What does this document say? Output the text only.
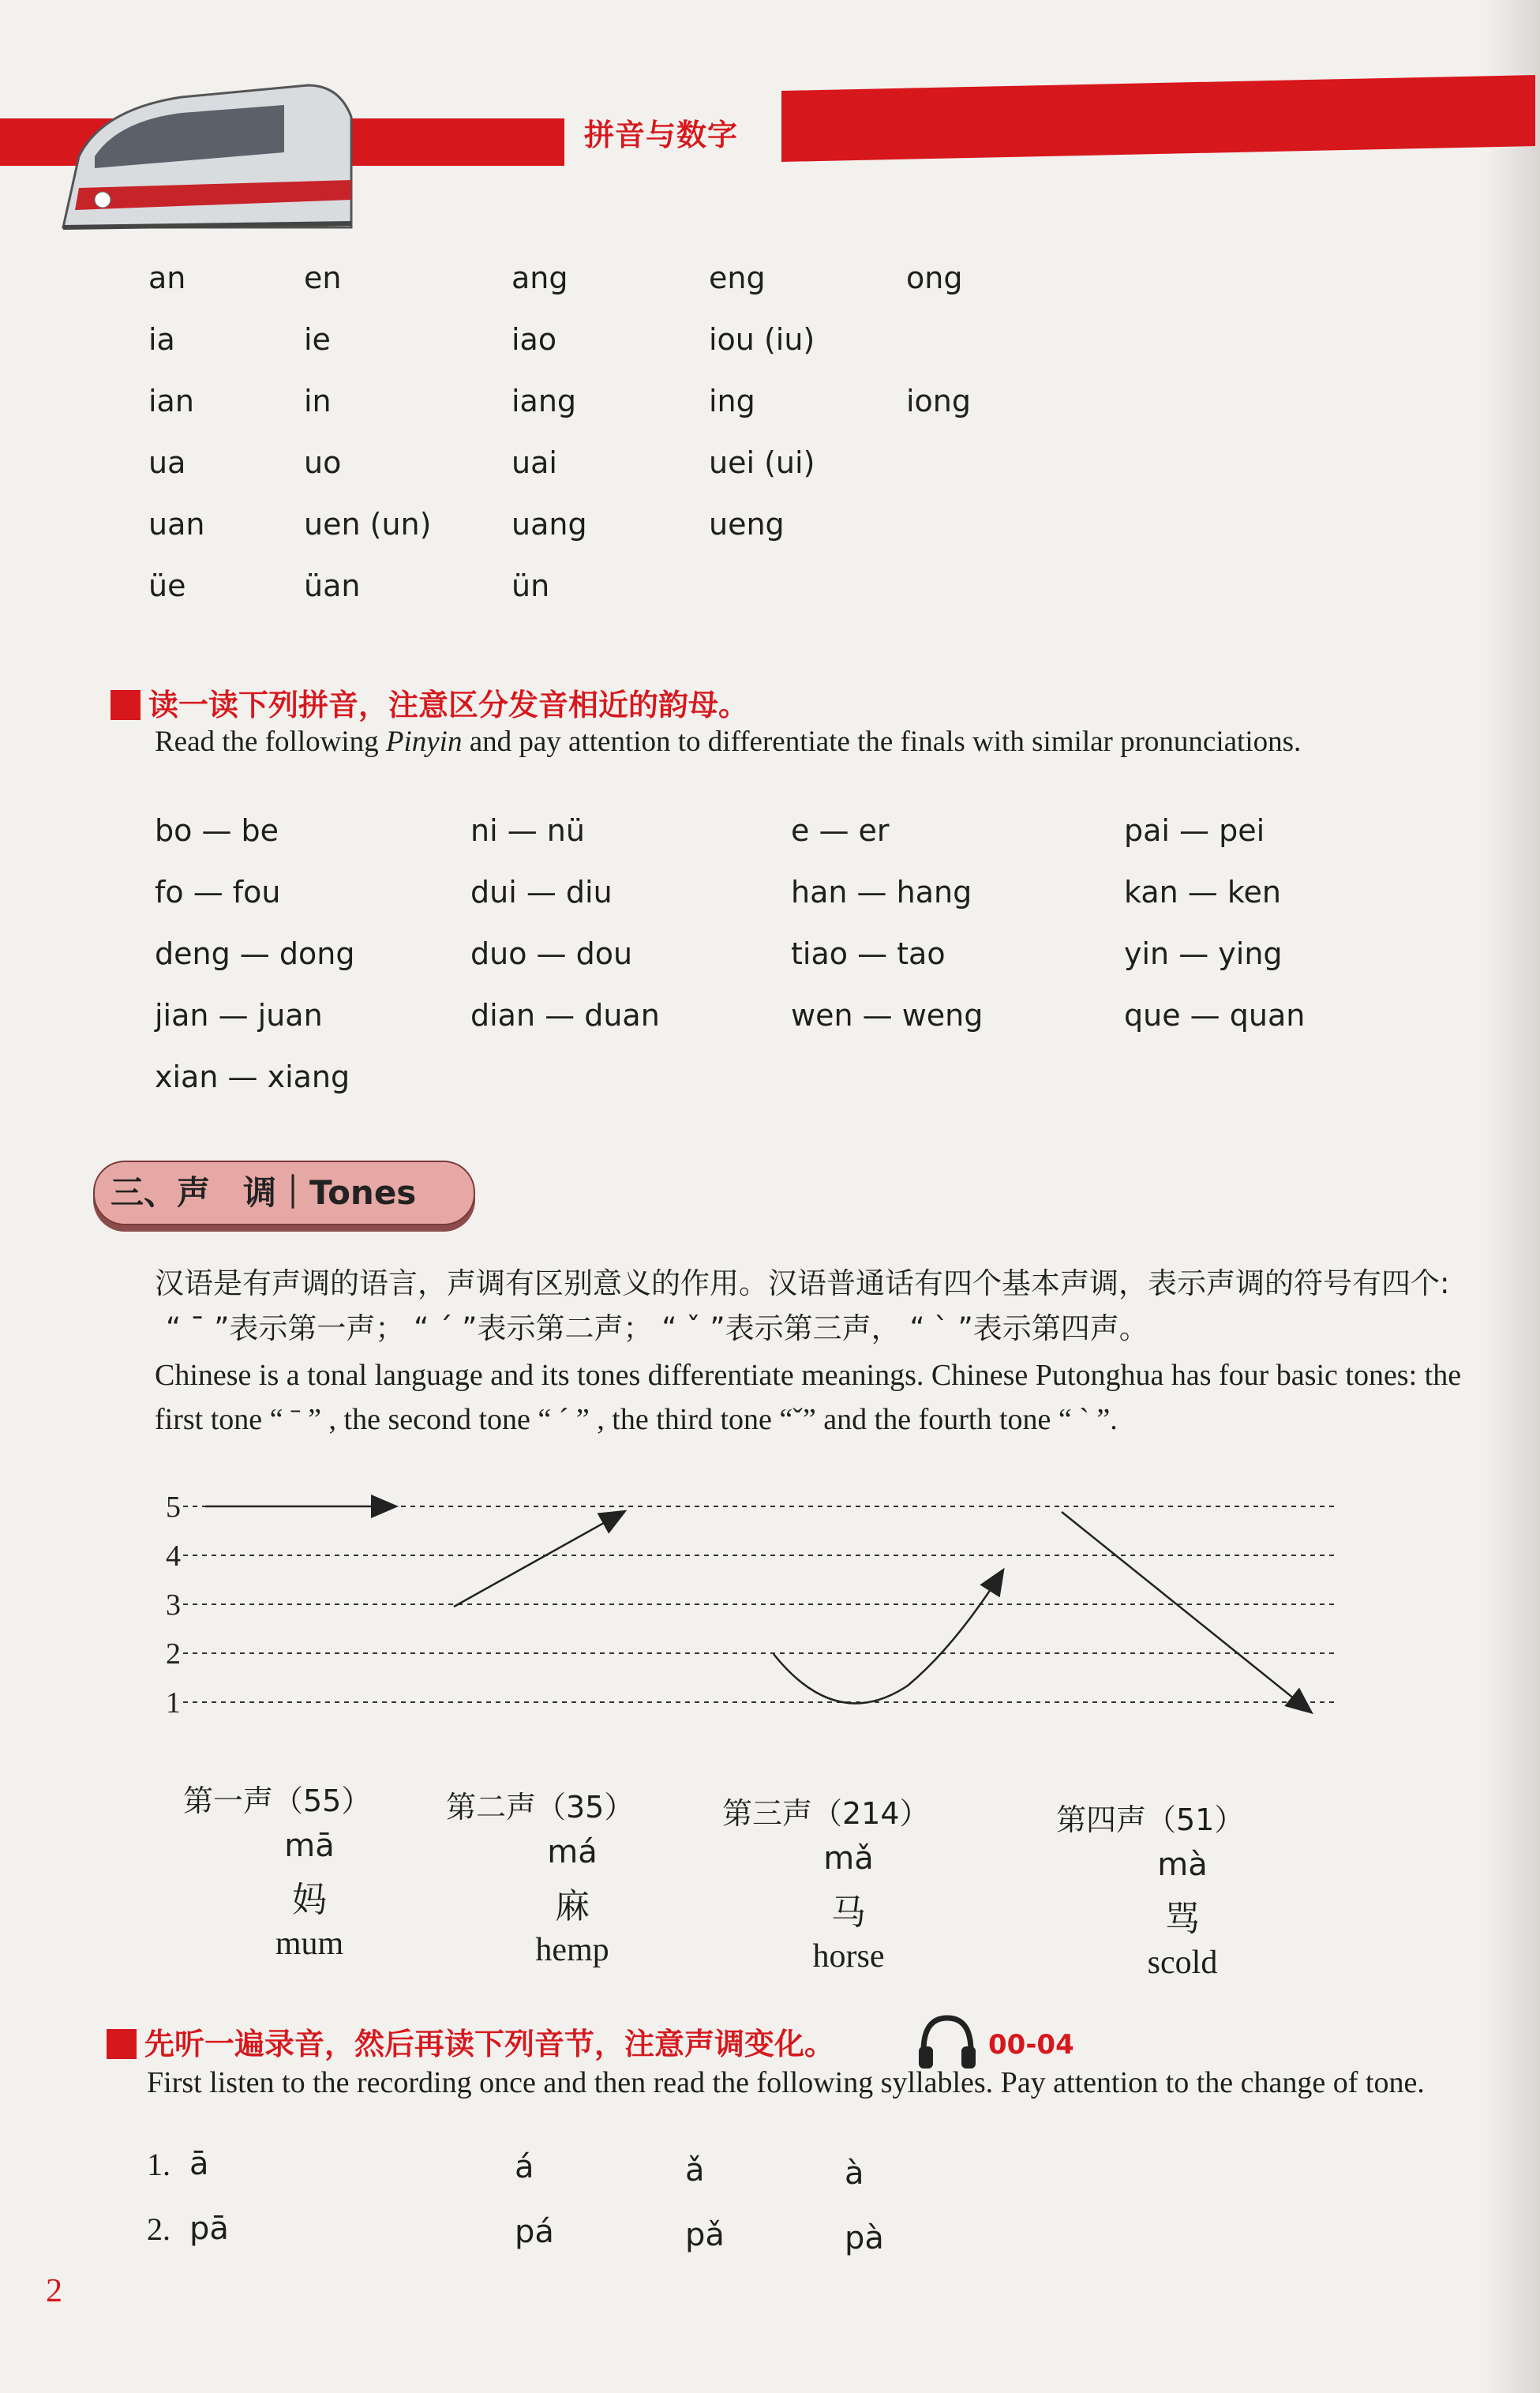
拼音与数字
an	en	ang	eng	ong
ia	ie	iao	iou (iu)
ian	in	iang	ing	iong
ua	uo	uai	uei (ui)
uan	uen (un)	uang	ueng
üe	üan	ün
读一读下列拼音，注意区分发音相近的韵母。
Read the following Pinyin and pay attention to differentiate the finals with similar pronunciations.
bo — be	ni — nü	e — er	pai — pei
fo — fou	dui — diu	han — hang	kan — ken
deng — dong	duo — dou	tiao — tao	yin — ying
jian — juan	dian — duan	wen — weng	que — quan
xian — xiang
三、声　调｜Tones
汉语是有声调的语言，声调有区别意义的作用。汉语普通话有四个基本声调，表示声调的符号有四个:
“ ˉ ”表示第一声； “ ˊ ”表示第二声； “ ˇ ”表示第三声， “ ˋ ”表示第四声。
Chinese is a tonal language and its tones differentiate meanings. Chinese Putonghua has four basic tones: the
first tone “ ˉ ” , the second tone “ ˊ ” , the third tone “ˇ” and the fourth tone “ ˋ ”.
5
4
3
2
1
第一声（55）
mā
妈
mum
第二声（35）
má
麻
hemp
第三声（214）
mǎ
马
horse
第四声（51）
mà
骂
scold
先听一遍录音，然后再读下列音节，注意声调变化。	00-04
First listen to the recording once and then read the following syllables. Pay attention to the change of tone.
1. ā	á	ǎ	à
2. pā	pá	pǎ	pà
2
